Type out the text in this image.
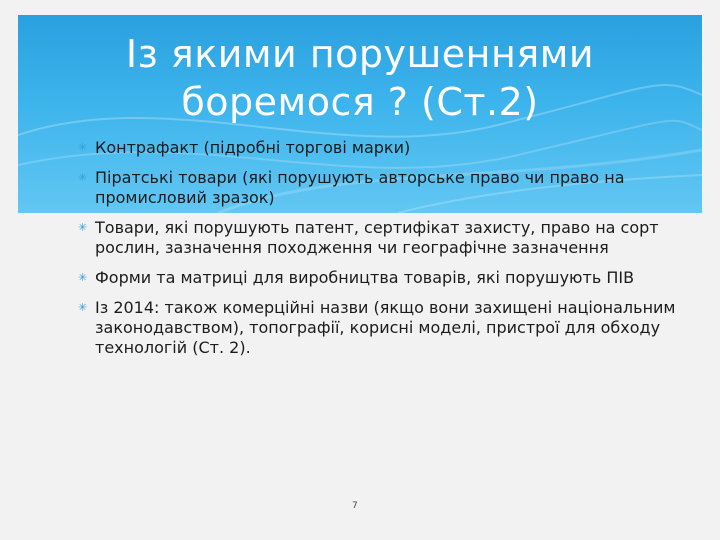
Із якими порушеннями
боремося ? (Ст.2)
✳ Контрафакт (підробні торгові марки)
✳ Піратські товари (які порушують авторське право чи право на промисловий зразок)
✳ Товари, які порушують патент, сертифікат захисту, право на сорт рослин, зазначення походження чи географічне зазначення
✳ Форми та матриці для виробництва товарів, які порушують ПІВ
✳ Із 2014: також комерційні назви (якщо вони захищені національним законодавством), топографії, корисні моделі, пристрої для обходу технологій (Ст. 2).
7
